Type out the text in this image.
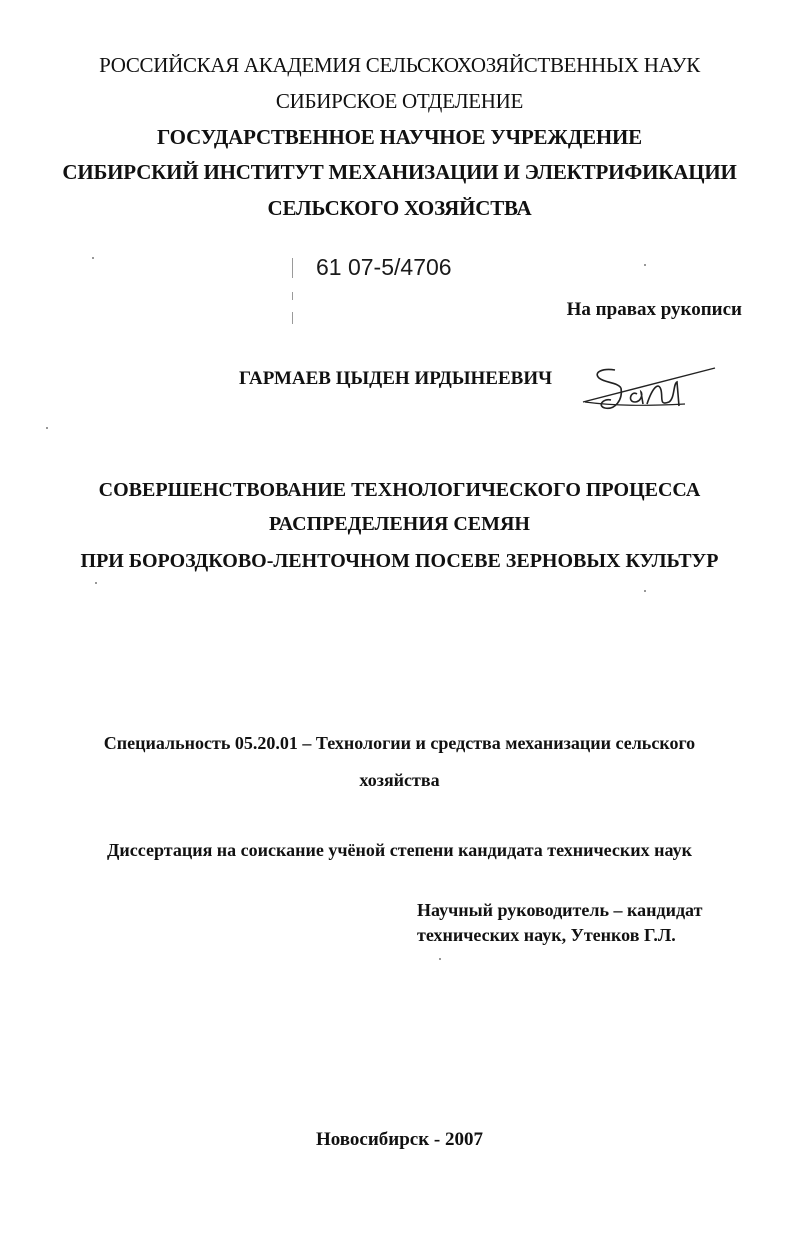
РОССИЙСКАЯ АКАДЕМИЯ СЕЛЬСКОХОЗЯЙСТВЕННЫХ НАУК
СИБИРСКОЕ ОТДЕЛЕНИЕ
ГОСУДАРСТВЕННОЕ НАУЧНОЕ УЧРЕЖДЕНИЕ
СИБИРСКИЙ ИНСТИТУТ МЕХАНИЗАЦИИ И ЭЛЕКТРИФИКАЦИИ
СЕЛЬСКОГО ХОЗЯЙСТВА
61 07-5/4706
На правах рукописи
ГАРМАЕВ ЦЫДЕН ИРДЫНЕЕВИЧ
СОВЕРШЕНСТВОВАНИЕ ТЕХНОЛОГИЧЕСКОГО ПРОЦЕССА
РАСПРЕДЕЛЕНИЯ СЕМЯН
ПРИ БОРОЗДКОВО-ЛЕНТОЧНОМ ПОСЕВЕ ЗЕРНОВЫХ КУЛЬТУР
Специальность 05.20.01 – Технологии и средства механизации сельского
хозяйства
Диссертация на соискание учёной степени кандидата технических наук
Научный руководитель – кандидат
технических наук, Утенков Г.Л.
Новосибирск - 2007
